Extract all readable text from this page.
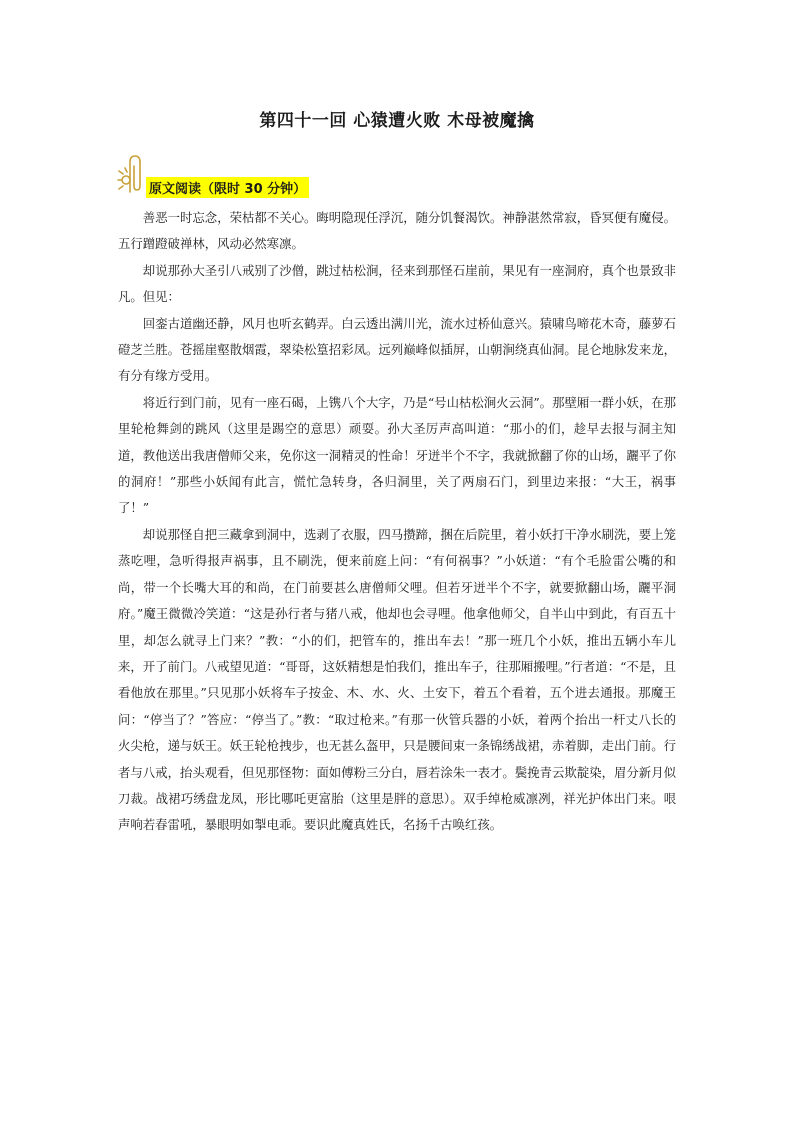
第四十一回 心猿遭火败 木母被魔擒
原文阅读（限时 30 分钟）

善恶一时忘念，荣枯都不关心。晦明隐现任浮沉，随分饥餐渴饮。神静湛然常寂，昏冥便有魔侵。五行蹭蹬破禅林，风动必然寒凛。

却说那孙大圣引八戒别了沙僧，跳过枯松涧，径来到那怪石崖前，果见有一座洞府，真个也景致非凡。但见：

回銮古道幽还静，风月也听玄鹤弄。白云透出满川光，流水过桥仙意兴。猿啸鸟啼花木奇，藤萝石磴芝兰胜。苍摇崖壑散烟霞，翠染松篁招彩凤。远列巅峰似插屏，山朝涧绕真仙洞。昆仑地脉发来龙，有分有缘方受用。

将近行到门前，见有一座石碣，上镌八个大字，乃是“号山枯松涧火云洞”。那壁厢一群小妖，在那里轮枪舞剑的跳风（这里是踢空的意思）顽耍。孙大圣厉声高叫道：“那小的们，趁早去报与洞主知道，教他送出我唐僧师父来，免你这一洞精灵的性命！牙迸半个不字，我就掀翻了你的山场，躧平了你的洞府！”那些小妖闻有此言，慌忙急转身，各归洞里，关了两扇石门，到里边来报：“大王，祸事了！”

却说那怪自把三藏拿到洞中，选剥了衣服，四马攒蹄，捆在后院里，着小妖打干净水刷洗，要上笼蒸吃哩，急听得报声祸事，且不刷洗，便来前庭上问：“有何祸事？”小妖道：“有个毛脸雷公嘴的和尚，带一个长嘴大耳的和尚，在门前要甚么唐僧师父哩。但若牙迸半个不字，就要掀翻山场，躧平洞府。”魔王微微冷笑道：“这是孙行者与猪八戒，他却也会寻哩。他拿他师父，自半山中到此，有百五十里，却怎么就寻上门来？”教：“小的们，把管车的，推出车去！”那一班几个小妖，推出五辆小车儿来，开了前门。八戒望见道：“哥哥，这妖精想是怕我们，推出车子，往那厢搬哩。”行者道：“不是，且看他放在那里。”只见那小妖将车子按金、木、水、火、土安下，着五个看着，五个进去通报。那魔王问：“停当了？”答应：“停当了。”教：“取过枪来。”有那一伙管兵器的小妖，着两个抬出一杆丈八长的火尖枪，递与妖王。妖王轮枪拽步，也无甚么盔甲，只是腰间束一条锦绣战裙，赤着脚，走出门前。行者与八戒，抬头观看，但见那怪物：面如傅粉三分白，唇若涂朱一表才。鬓挽青云欺靛染，眉分新月似刀裁。战裙巧绣盘龙凤，形比哪吒更富胎（这里是胖的意思）。双手绰枪威凛冽，祥光护体出门来。哏声响若春雷吼，暴眼明如掣电乖。要识此魔真姓氏，名扬千古唤红孩。
